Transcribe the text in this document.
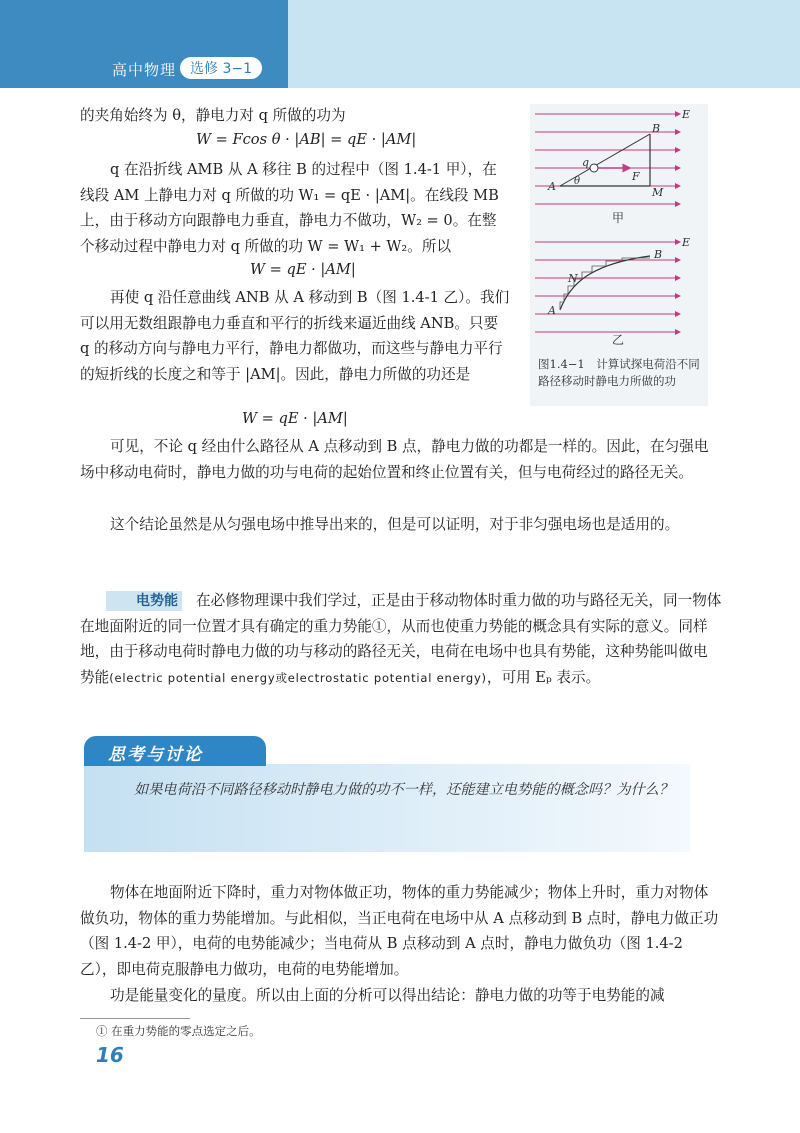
高中物理 选修 3−1

的夹角始终为 θ，静电力对 q 所做的功为

W = Fcos θ · |AB| = qE · |AM|

q 在沿折线 AMB 从 A 移往 B 的过程中（图 1.4-1 甲），在线段 AM 上静电力对 q 所做的功 W₁ = qE · |AM|。在线段 MB 上，由于移动方向跟静电力垂直，静电力不做功，W₂ = 0。在整个移动过程中静电力对 q 所做的功 W = W₁ + W₂。所以

W = qE · |AM|

再使 q 沿任意曲线 ANB 从 A 移动到 B（图 1.4-1 乙）。我们可以用无数组跟静电力垂直和平行的折线来逼近曲线 ANB。只要 q 的移动方向与静电力平行，静电力都做功，而这些与静电力平行的短折线的长度之和等于 |AM|。因此，静电力所做的功还是

W = qE · |AM|
E
B
A	M
q
F
θ
甲
E
B
N
A
乙
图1.4−1　计算试探电荷沿不同路径移动时静电力所做的功

可见，不论 q 经由什么路径从 A 点移动到 B 点，静电力做的功都是一样的。因此，在匀强电场中移动电荷时，静电力做的功与电荷的起始位置和终止位置有关，但与电荷经过的路径无关。

这个结论虽然是从匀强电场中推导出来的，但是可以证明，对于非匀强电场也是适用的。

电势能 在必修物理课中我们学过，正是由于移动物体时重力做的功与路径无关，同一物体在地面附近的同一位置才具有确定的重力势能①，从而也使重力势能的概念具有实际的意义。同样地，由于移动电荷时静电力做的功与移动的路径无关，电荷在电场中也具有势能，这种势能叫做电势能(electric potential energy或electrostatic potential energy)，可用 Eₚ 表示。

思考与讨论

如果电荷沿不同路径移动时静电力做的功不一样，还能建立电势能的概念吗？为什么？

物体在地面附近下降时，重力对物体做正功，物体的重力势能减少；物体上升时，重力对物体做负功，物体的重力势能增加。与此相似，当正电荷在电场中从 A 点移动到 B 点时，静电力做正功（图 1.4-2 甲），电荷的电势能减少；当电荷从 B 点移动到 A 点时，静电力做负功（图 1.4-2 乙），即电荷克服静电力做功，电荷的电势能增加。

功是能量变化的量度。所以由上面的分析可以得出结论：静电力做的功等于电势能的减

① 在重力势能的零点选定之后。
16
